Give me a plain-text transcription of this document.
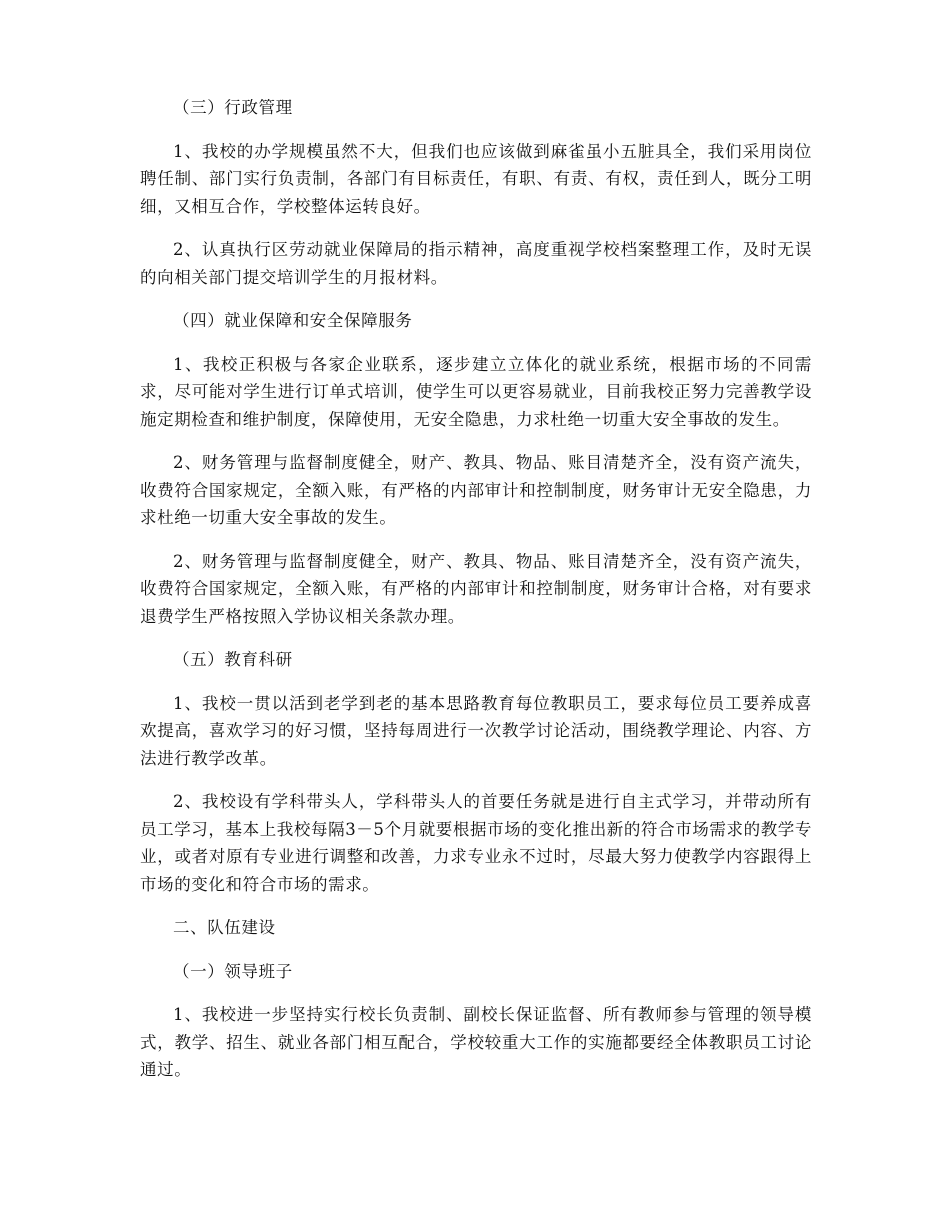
（三）行政管理

1、我校的办学规模虽然不大，但我们也应该做到麻雀虽小五脏具全，我们采用岗位聘任制、部门实行负责制，各部门有目标责任，有职、有责、有权，责任到人，既分工明细，又相互合作，学校整体运转良好。

2、认真执行区劳动就业保障局的指示精神，高度重视学校档案整理工作，及时无误的向相关部门提交培训学生的月报材料。

（四）就业保障和安全保障服务

1、我校正积极与各家企业联系，逐步建立立体化的就业系统，根据市场的不同需求，尽可能对学生进行订单式培训，使学生可以更容易就业，目前我校正努力完善教学设施定期检查和维护制度，保障使用，无安全隐患，力求杜绝一切重大安全事故的发生。

2、财务管理与监督制度健全，财产、教具、物品、账目清楚齐全，没有资产流失，收费符合国家规定，全额入账，有严格的内部审计和控制制度，财务审计无安全隐患，力求杜绝一切重大安全事故的发生。

2、财务管理与监督制度健全，财产、教具、物品、账目清楚齐全，没有资产流失，收费符合国家规定，全额入账，有严格的内部审计和控制制度，财务审计合格，对有要求退费学生严格按照入学协议相关条款办理。

（五）教育科研

1、我校一贯以活到老学到老的基本思路教育每位教职员工，要求每位员工要养成喜欢提高，喜欢学习的好习惯，坚持每周进行一次教学讨论活动，围绕教学理论、内容、方法进行教学改革。

2、我校设有学科带头人，学科带头人的首要任务就是进行自主式学习，并带动所有员工学习，基本上我校每隔3－5个月就要根据市场的变化推出新的符合市场需求的教学专业，或者对原有专业进行调整和改善，力求专业永不过时，尽最大努力使教学内容跟得上市场的变化和符合市场的需求。

二、队伍建设

（一）领导班子

1、我校进一步坚持实行校长负责制、副校长保证监督、所有教师参与管理的领导模式，教学、招生、就业各部门相互配合，学校较重大工作的实施都要经全体教职员工讨论通过。
